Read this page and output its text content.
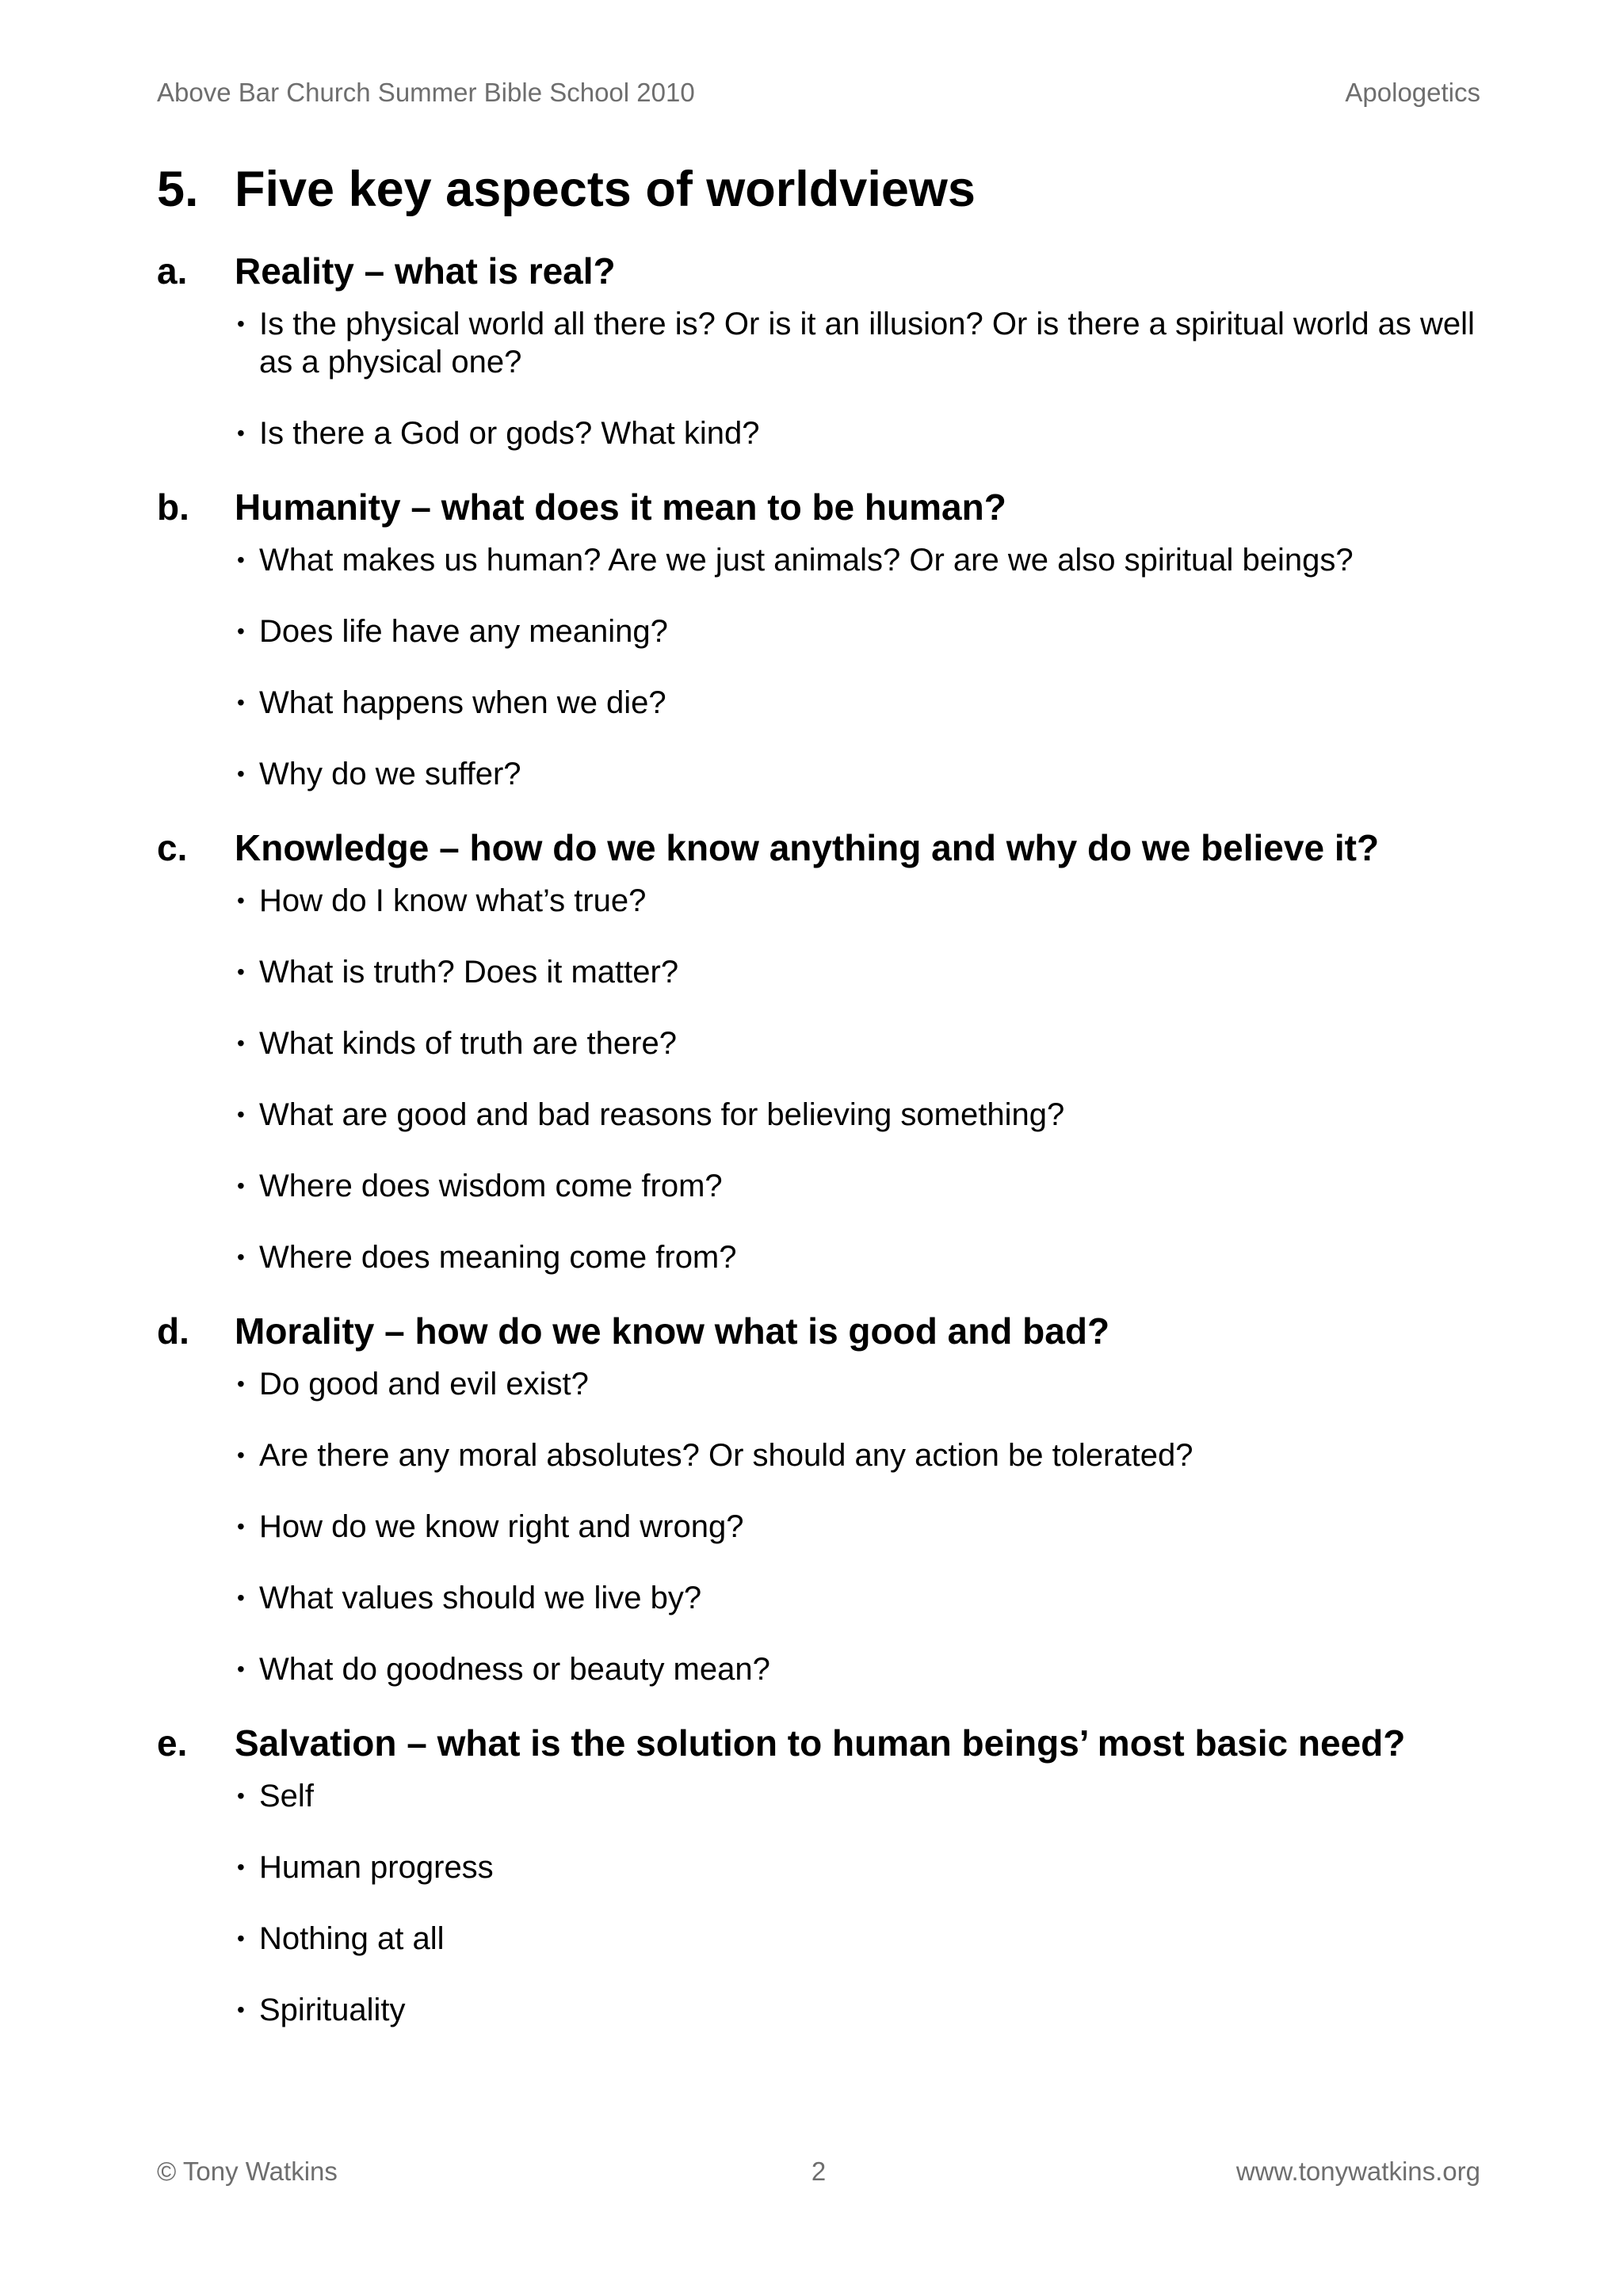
Above Bar Church Summer Bible School 2010	Apologetics
5. Five key aspects of worldviews
a.	Reality – what is real?
• Is the physical world all there is? Or is it an illusion? Or is there a spiritual world as well as a physical one?
• Is there a God or gods? What kind?
b.	Humanity – what does it mean to be human?
• What makes us human? Are we just animals? Or are we also spiritual beings?
• Does life have any meaning?
• What happens when we die?
• Why do we suffer?
c.	Knowledge – how do we know anything and why do we believe it?
• How do I know what’s true?
• What is truth? Does it matter?
• What kinds of truth are there?
• What are good and bad reasons for believing something?
• Where does wisdom come from?
• Where does meaning come from?
d.	Morality – how do we know what is good and bad?
• Do good and evil exist?
• Are there any moral absolutes? Or should any action be tolerated?
• How do we know right and wrong?
• What values should we live by?
• What do goodness or beauty mean?
e.	Salvation – what is the solution to human beings’ most basic need?
• Self
• Human progress
• Nothing at all
• Spirituality
© Tony Watkins	2	www.tonywatkins.org
